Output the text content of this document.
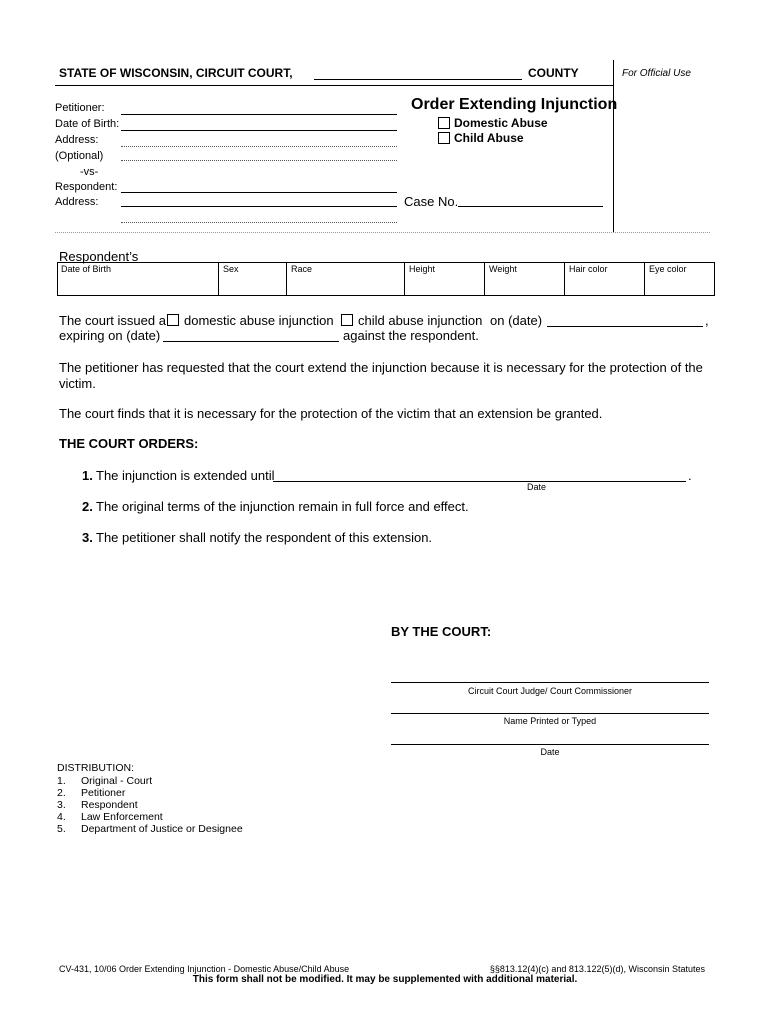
STATE OF WISCONSIN, CIRCUIT COURT,	COUNTY	For Official Use
Petitioner:
Date of Birth:
Address:
(Optional)
-vs-
Respondent:
Address:
Order Extending Injunction
Domestic Abuse
Child Abuse
Case No.
Respondent’s
Date of Birth	Sex	Race	Height	Weight	Hair color	Eye color
The court issued a domestic abuse injunction child abuse injunction on (date)	,
expiring on (date)	against the respondent.
The petitioner has requested that the court extend the injunction because it is necessary for the protection of the
victim.
The court finds that it is necessary for the protection of the victim that an extension be granted.
THE COURT ORDERS:
1. The injunction is extended until	.
Date
2. The original terms of the injunction remain in full force and effect.
3. The petitioner shall notify the respondent of this extension.
BY THE COURT:
Circuit Court Judge/ Court Commissioner
Name Printed or Typed
Date
DISTRIBUTION:
1. Original - Court
2. Petitioner
3. Respondent
4. Law Enforcement
5. Department of Justice or Designee
CV-431, 10/06 Order Extending Injunction - Domestic Abuse/Child Abuse	§§813.12(4)(c) and 813.122(5)(d), Wisconsin Statutes
This form shall not be modified. It may be supplemented with additional material.
